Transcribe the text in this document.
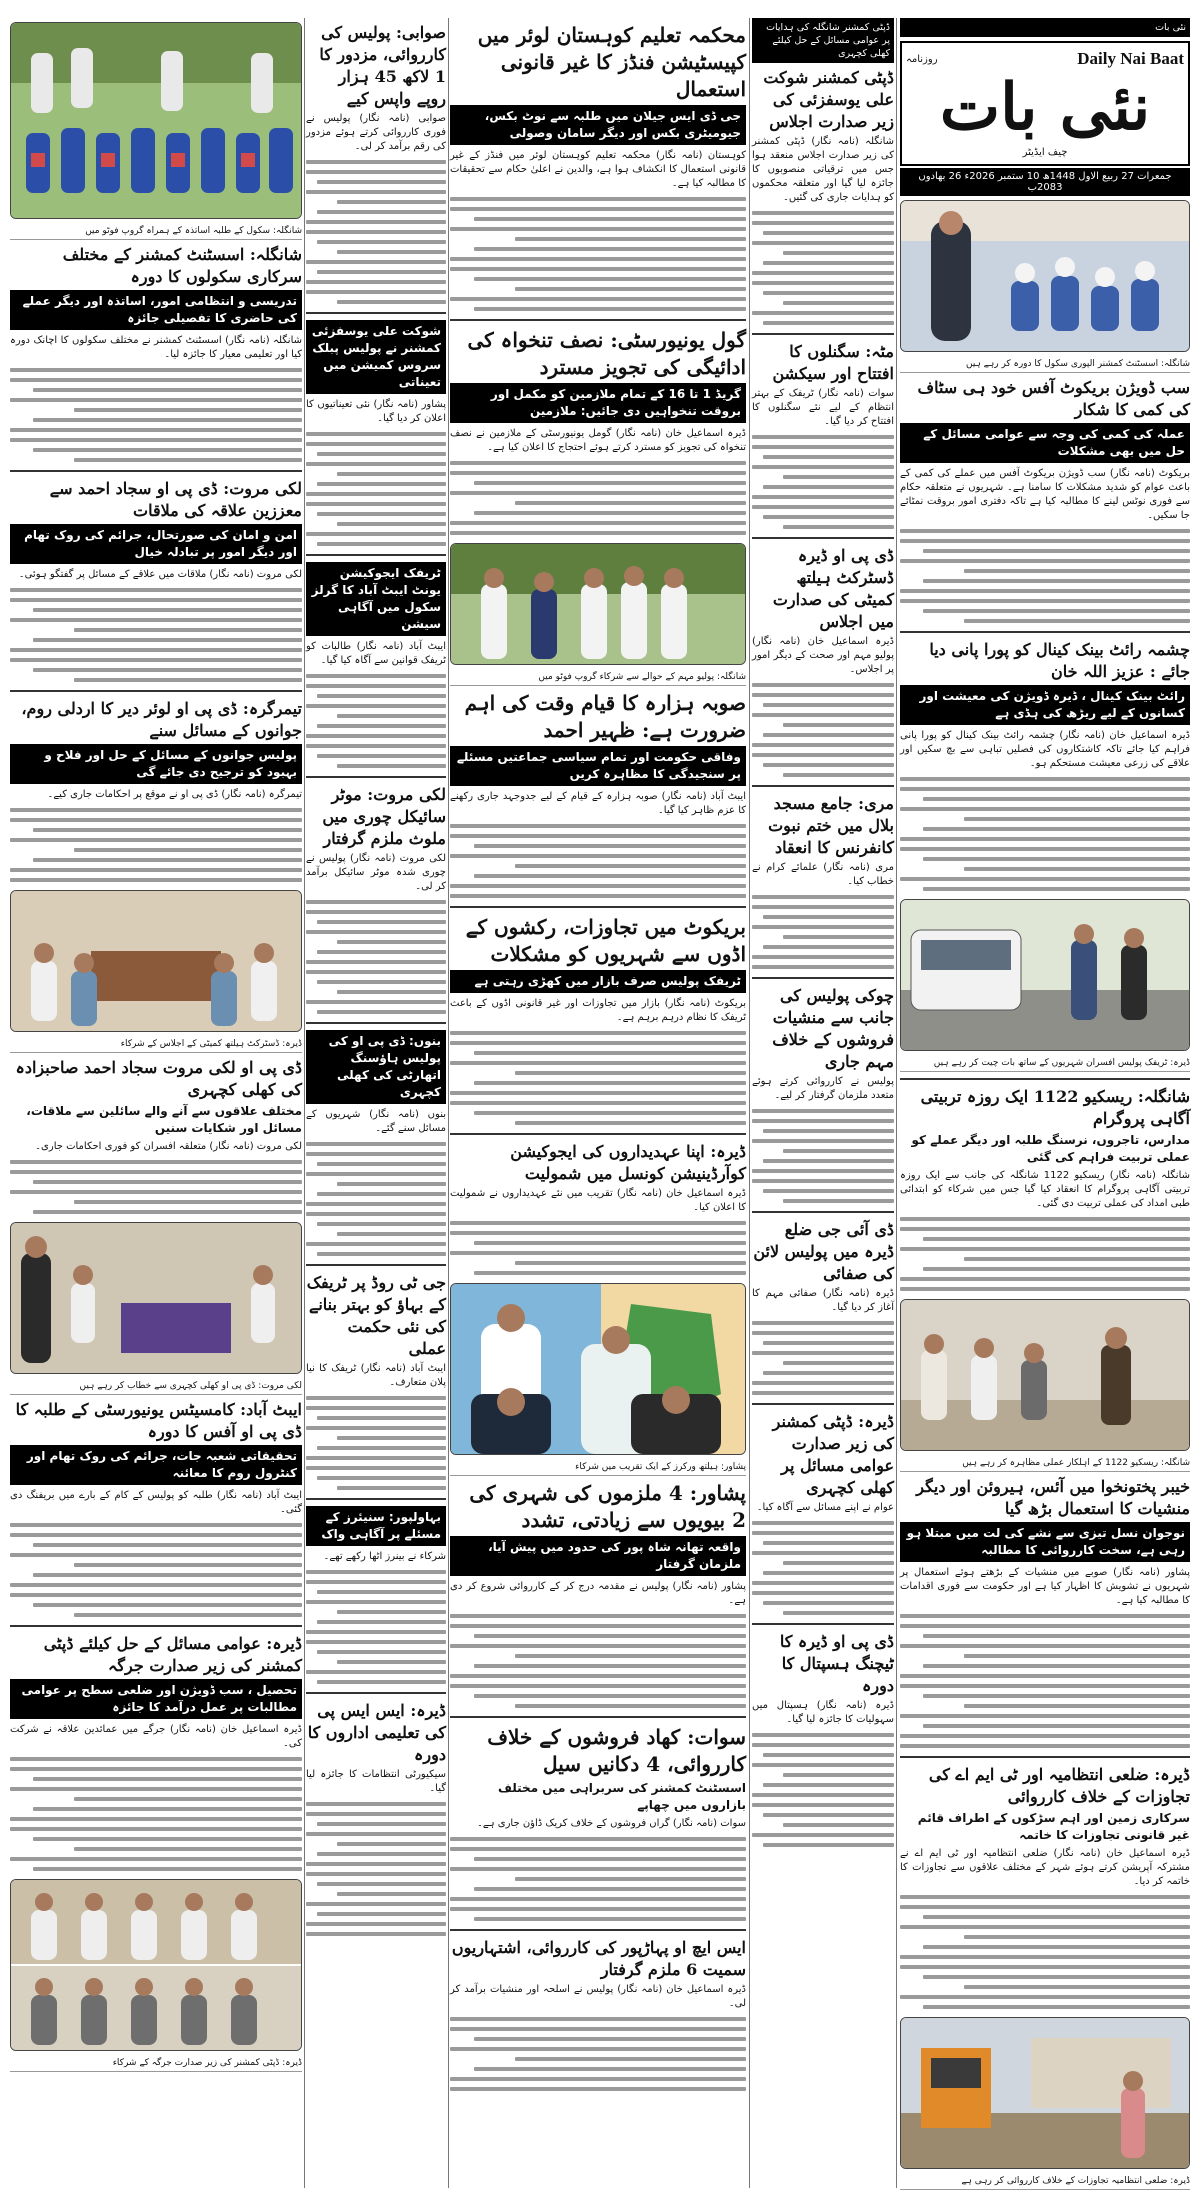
نئی بات
Daily Nai Baat
روزنامہ
نئی بات
چیف ایڈیٹر
جمعرات 27 ربیع الاول 1448ھ 10 ستمبر 2026ء 26 بھادوں 2083ب
شانگلہ: اسسٹنٹ کمشنر الپوری سکول کا دورہ کر رہے ہیں
سب ڈویژن بریکوٹ آفس خود ہی سٹاف کی کمی کا شکار
عملہ کی کمی کی وجہ سے عوامی مسائل کے حل میں بھی مشکلات

بریکوٹ (نامہ نگار) سب ڈویژن بریکوٹ آفس میں عملے کی کمی کے باعث عوام کو شدید مشکلات کا سامنا ہے۔ شہریوں نے متعلقہ حکام سے فوری نوٹس لینے کا مطالبہ کیا ہے تاکہ دفتری امور بروقت نمٹائے جا سکیں۔

چشمہ رائٹ بینک کینال کو پورا پانی دیا جائے : عزیز اللہ خان
رائٹ بینک کینال ، ڈیرہ ڈویژن کی معیشت اور کسانوں کے لیے ریڑھ کی ہڈی ہے

ڈیرہ اسماعیل خان (نامہ نگار) چشمہ رائٹ بینک کینال کو پورا پانی فراہم کیا جائے تاکہ کاشتکاروں کی فصلیں تباہی سے بچ سکیں اور علاقے کی زرعی معیشت مستحکم ہو۔

ڈیرہ: ٹریفک پولیس افسران شہریوں کے ساتھ بات چیت کر رہے ہیں
شانگلہ: ریسکیو 1122 ایک روزہ تربیتی آگاہی پروگرام
مدارس، تاجروں، نرسنگ طلبہ اور دیگر عملے کو عملی تربیت فراہم کی گئی

شانگلہ (نامہ نگار) ریسکیو 1122 شانگلہ کی جانب سے ایک روزہ تربیتی آگاہی پروگرام کا انعقاد کیا گیا جس میں شرکاء کو ابتدائی طبی امداد کی عملی تربیت دی گئی۔

شانگلہ: ریسکیو 1122 کے اہلکار عملی مظاہرہ کر رہے ہیں
خیبر پختونخوا میں آئس، ہیروئن اور دیگر منشیات کا استعمال بڑھ گیا
نوجوان نسل تیزی سے نشے کی لت میں مبتلا ہو رہی ہے، سخت کارروائی کا مطالبہ

پشاور (نامہ نگار) صوبے میں منشیات کے بڑھتے ہوئے استعمال پر شہریوں نے تشویش کا اظہار کیا ہے اور حکومت سے فوری اقدامات کا مطالبہ کیا ہے۔

ڈیرہ: ضلعی انتظامیہ اور ٹی ایم اے کی تجاوزات کے خلاف کارروائی
سرکاری زمین اور اہم سڑکوں کے اطراف قائم غیر قانونی تجاوزات کا خاتمہ

ڈیرہ اسماعیل خان (نامہ نگار) ضلعی انتظامیہ اور ٹی ایم اے نے مشترکہ آپریشن کرتے ہوئے شہر کے مختلف علاقوں سے تجاوزات کا خاتمہ کر دیا۔

ڈیرہ: ضلعی انتظامیہ تجاوزات کے خلاف کارروائی کر رہی ہے
ڈپٹی کمشنر شانگلہ کی ہدایات پر عوامی مسائل کے حل کیلئے کھلی کچہری
ڈپٹی کمشنر شوکت علی یوسفزئی کی زیر صدارت اجلاس

شانگلہ (نامہ نگار) ڈپٹی کمشنر کی زیر صدارت اجلاس منعقد ہوا جس میں ترقیاتی منصوبوں کا جائزہ لیا گیا اور متعلقہ محکموں کو ہدایات جاری کی گئیں۔

مٹہ: سگنلوں کا افتتاح اور سیکشن

سوات (نامہ نگار) ٹریفک کے بہتر انتظام کے لیے نئے سگنلوں کا افتتاح کر دیا گیا۔

ڈی پی او ڈیرہ ڈسٹرکٹ ہیلتھ کمیٹی کی صدارت میں اجلاس

ڈیرہ اسماعیل خان (نامہ نگار) پولیو مہم اور صحت کے دیگر امور پر اجلاس۔

مری: جامع مسجد بلال میں ختم نبوت کانفرنس کا انعقاد

مری (نامہ نگار) علمائے کرام نے خطاب کیا۔

چوکی پولیس کی جانب سے منشیات فروشوں کے خلاف مہم جاری

پولیس نے کارروائی کرتے ہوئے متعدد ملزمان گرفتار کر لیے۔

ڈی آئی جی ضلع ڈیرہ میں پولیس لائن کی صفائی

ڈیرہ (نامہ نگار) صفائی مہم کا آغاز کر دیا گیا۔

ڈیرہ: ڈپٹی کمشنر کی زیر صدارت عوامی مسائل پر کھلی کچہری

عوام نے اپنے مسائل سے آگاہ کیا۔

ڈی پی او ڈیرہ کا ٹیچنگ ہسپتال کا دورہ

ڈیرہ (نامہ نگار) ہسپتال میں سہولیات کا جائزہ لیا گیا۔

محکمہ تعلیم کوہستان لوئر میں کپیسٹیشن فنڈز کا غیر قانونی استعمال
جی ڈی ایس جیلان میں طلبہ سے نوٹ بکس، جیومیٹری بکس اور دیگر سامان وصولی

کوہستان (نامہ نگار) محکمہ تعلیم کوہستان لوئر میں فنڈز کے غیر قانونی استعمال کا انکشاف ہوا ہے، والدین نے اعلیٰ حکام سے تحقیقات کا مطالبہ کیا ہے۔

گول یونیورسٹی: نصف تنخواہ کی ادائیگی کی تجویز مسترد
گریڈ 1 تا 16 کے تمام ملازمین کو مکمل اور بروقت تنخواہیں دی جائیں: ملازمین

ڈیرہ اسماعیل خان (نامہ نگار) گومل یونیورسٹی کے ملازمین نے نصف تنخواہ کی تجویز کو مسترد کرتے ہوئے احتجاج کا اعلان کیا ہے۔

شانگلہ: پولیو مہم کے حوالے سے شرکاء گروپ فوٹو میں
صوبہ ہزارہ کا قیام وقت کی اہم ضرورت ہے: ظہیر احمد
وفاقی حکومت اور تمام سیاسی جماعتیں مسئلے پر سنجیدگی کا مظاہرہ کریں

ایبٹ آباد (نامہ نگار) صوبہ ہزارہ کے قیام کے لیے جدوجہد جاری رکھنے کا عزم ظاہر کیا گیا۔

بریکوٹ میں تجاوزات، رکشوں کے اڈوں سے شہریوں کو مشکلات
ٹریفک پولیس صرف بازار میں کھڑی رہتی ہے

بریکوٹ (نامہ نگار) بازار میں تجاوزات اور غیر قانونی اڈوں کے باعث ٹریفک کا نظام درہم برہم ہے۔

ڈیرہ: اپنا عہدیداروں کی ایجوکیشن کوآرڈینیشن کونسل میں شمولیت

ڈیرہ اسماعیل خان (نامہ نگار) تقریب میں نئے عہدیداروں نے شمولیت کا اعلان کیا۔

پشاور: ہیلتھ ورکرز کے ایک تقریب میں شرکاء
پشاور: 4 ملزموں کی شہری کی 2 بیویوں سے زیادتی، تشدد
واقعہ تھانہ شاہ پور کی حدود میں پیش آیا، ملزمان گرفتار

پشاور (نامہ نگار) پولیس نے مقدمہ درج کر کے کارروائی شروع کر دی ہے۔

سوات: کھاد فروشوں کے خلاف کارروائی، 4 دکانیں سیل
اسسٹنٹ کمشنر کی سربراہی میں مختلف بازاروں میں چھاپے

سوات (نامہ نگار) گراں فروشوں کے خلاف کریک ڈاؤن جاری ہے۔

ایس ایچ او پہاڑپور کی کارروائی، اشتہاریوں سمیت 6 ملزم گرفتار

ڈیرہ اسماعیل خان (نامہ نگار) پولیس نے اسلحہ اور منشیات برآمد کر لی۔

صوابی: پولیس کی کارروائی، مزدور کا 1 لاکھ 45 ہزار روپے واپس کیے

صوابی (نامہ نگار) پولیس نے فوری کارروائی کرتے ہوئے مزدور کی رقم برآمد کر لی۔

شوکت علی یوسفزئی کمشنر نے پولیس پبلک سروس کمیشن میں تعیناتی

پشاور (نامہ نگار) نئی تعیناتیوں کا اعلان کر دیا گیا۔

ٹریفک ایجوکیشن یونٹ ایبٹ آباد کا گرلز سکول میں آگاہی سیشن

ایبٹ آباد (نامہ نگار) طالبات کو ٹریفک قوانین سے آگاہ کیا گیا۔

لکی مروت: موٹر سائیکل چوری میں ملوث ملزم گرفتار

لکی مروت (نامہ نگار) پولیس نے چوری شدہ موٹر سائیکل برآمد کر لی۔

بنوں: ڈی پی او کی پولیس ہاؤسنگ اتھارٹی کی کھلی کچہری

بنوں (نامہ نگار) شہریوں کے مسائل سنے گئے۔

جی ٹی روڈ پر ٹریفک کے بہاؤ کو بہتر بنانے کی نئی حکمت عملی

ایبٹ آباد (نامہ نگار) ٹریفک کا نیا پلان متعارف۔

بہاولپور: سنیئرز کے مسئلے پر آگاہی واک

شرکاء نے بینرز اٹھا رکھے تھے۔

ڈیرہ: ایس ایس پی کی تعلیمی اداروں کا دورہ

سیکیورٹی انتظامات کا جائزہ لیا گیا۔

شانگلہ: سکول کے طلبہ اساتذہ کے ہمراہ گروپ فوٹو میں
شانگلہ: اسسٹنٹ کمشنر کے مختلف سرکاری سکولوں کا دورہ
تدریسی و انتظامی امور، اساتذہ اور دیگر عملے کی حاضری کا تفصیلی جائزہ

شانگلہ (نامہ نگار) اسسٹنٹ کمشنر نے مختلف سکولوں کا اچانک دورہ کیا اور تعلیمی معیار کا جائزہ لیا۔

لکی مروت: ڈی پی او سجاد احمد سے معززین علاقہ کی ملاقات
امن و امان کی صورتحال، جرائم کی روک تھام اور دیگر امور پر تبادلہ خیال

لکی مروت (نامہ نگار) ملاقات میں علاقے کے مسائل پر گفتگو ہوئی۔

تیمرگرہ: ڈی پی او لوئر دیر کا اردلی روم، جوانوں کے مسائل سنے
پولیس جوانوں کے مسائل کے حل اور فلاح و بہبود کو ترجیح دی جائے گی

تیمرگرہ (نامہ نگار) ڈی پی او نے موقع پر احکامات جاری کیے۔

ڈیرہ: ڈسٹرکٹ ہیلتھ کمیٹی کے اجلاس کے شرکاء
ڈی پی او لکی مروت سجاد احمد صاحبزادہ کی کھلی کچہری
مختلف علاقوں سے آنے والے سائلین سے ملاقات، مسائل اور شکایات سنیں

لکی مروت (نامہ نگار) متعلقہ افسران کو فوری احکامات جاری۔

لکی مروت: ڈی پی او کھلی کچہری سے خطاب کر رہے ہیں
ایبٹ آباد: کامسیٹس یونیورسٹی کے طلبہ کا ڈی پی او آفس کا دورہ
تحقیقاتی شعبہ جات، جرائم کی روک تھام اور کنٹرول روم کا معائنہ

ایبٹ آباد (نامہ نگار) طلبہ کو پولیس کے کام کے بارے میں بریفنگ دی گئی۔

ڈیرہ: عوامی مسائل کے حل کیلئے ڈپٹی کمشنر کی زیر صدارت جرگہ
تحصیل ، سب ڈویژن اور ضلعی سطح پر عوامی مطالبات پر عمل درآمد کا جائزہ

ڈیرہ اسماعیل خان (نامہ نگار) جرگے میں عمائدین علاقہ نے شرکت کی۔

ڈیرہ: ڈپٹی کمشنر کی زیر صدارت جرگہ کے شرکاء
